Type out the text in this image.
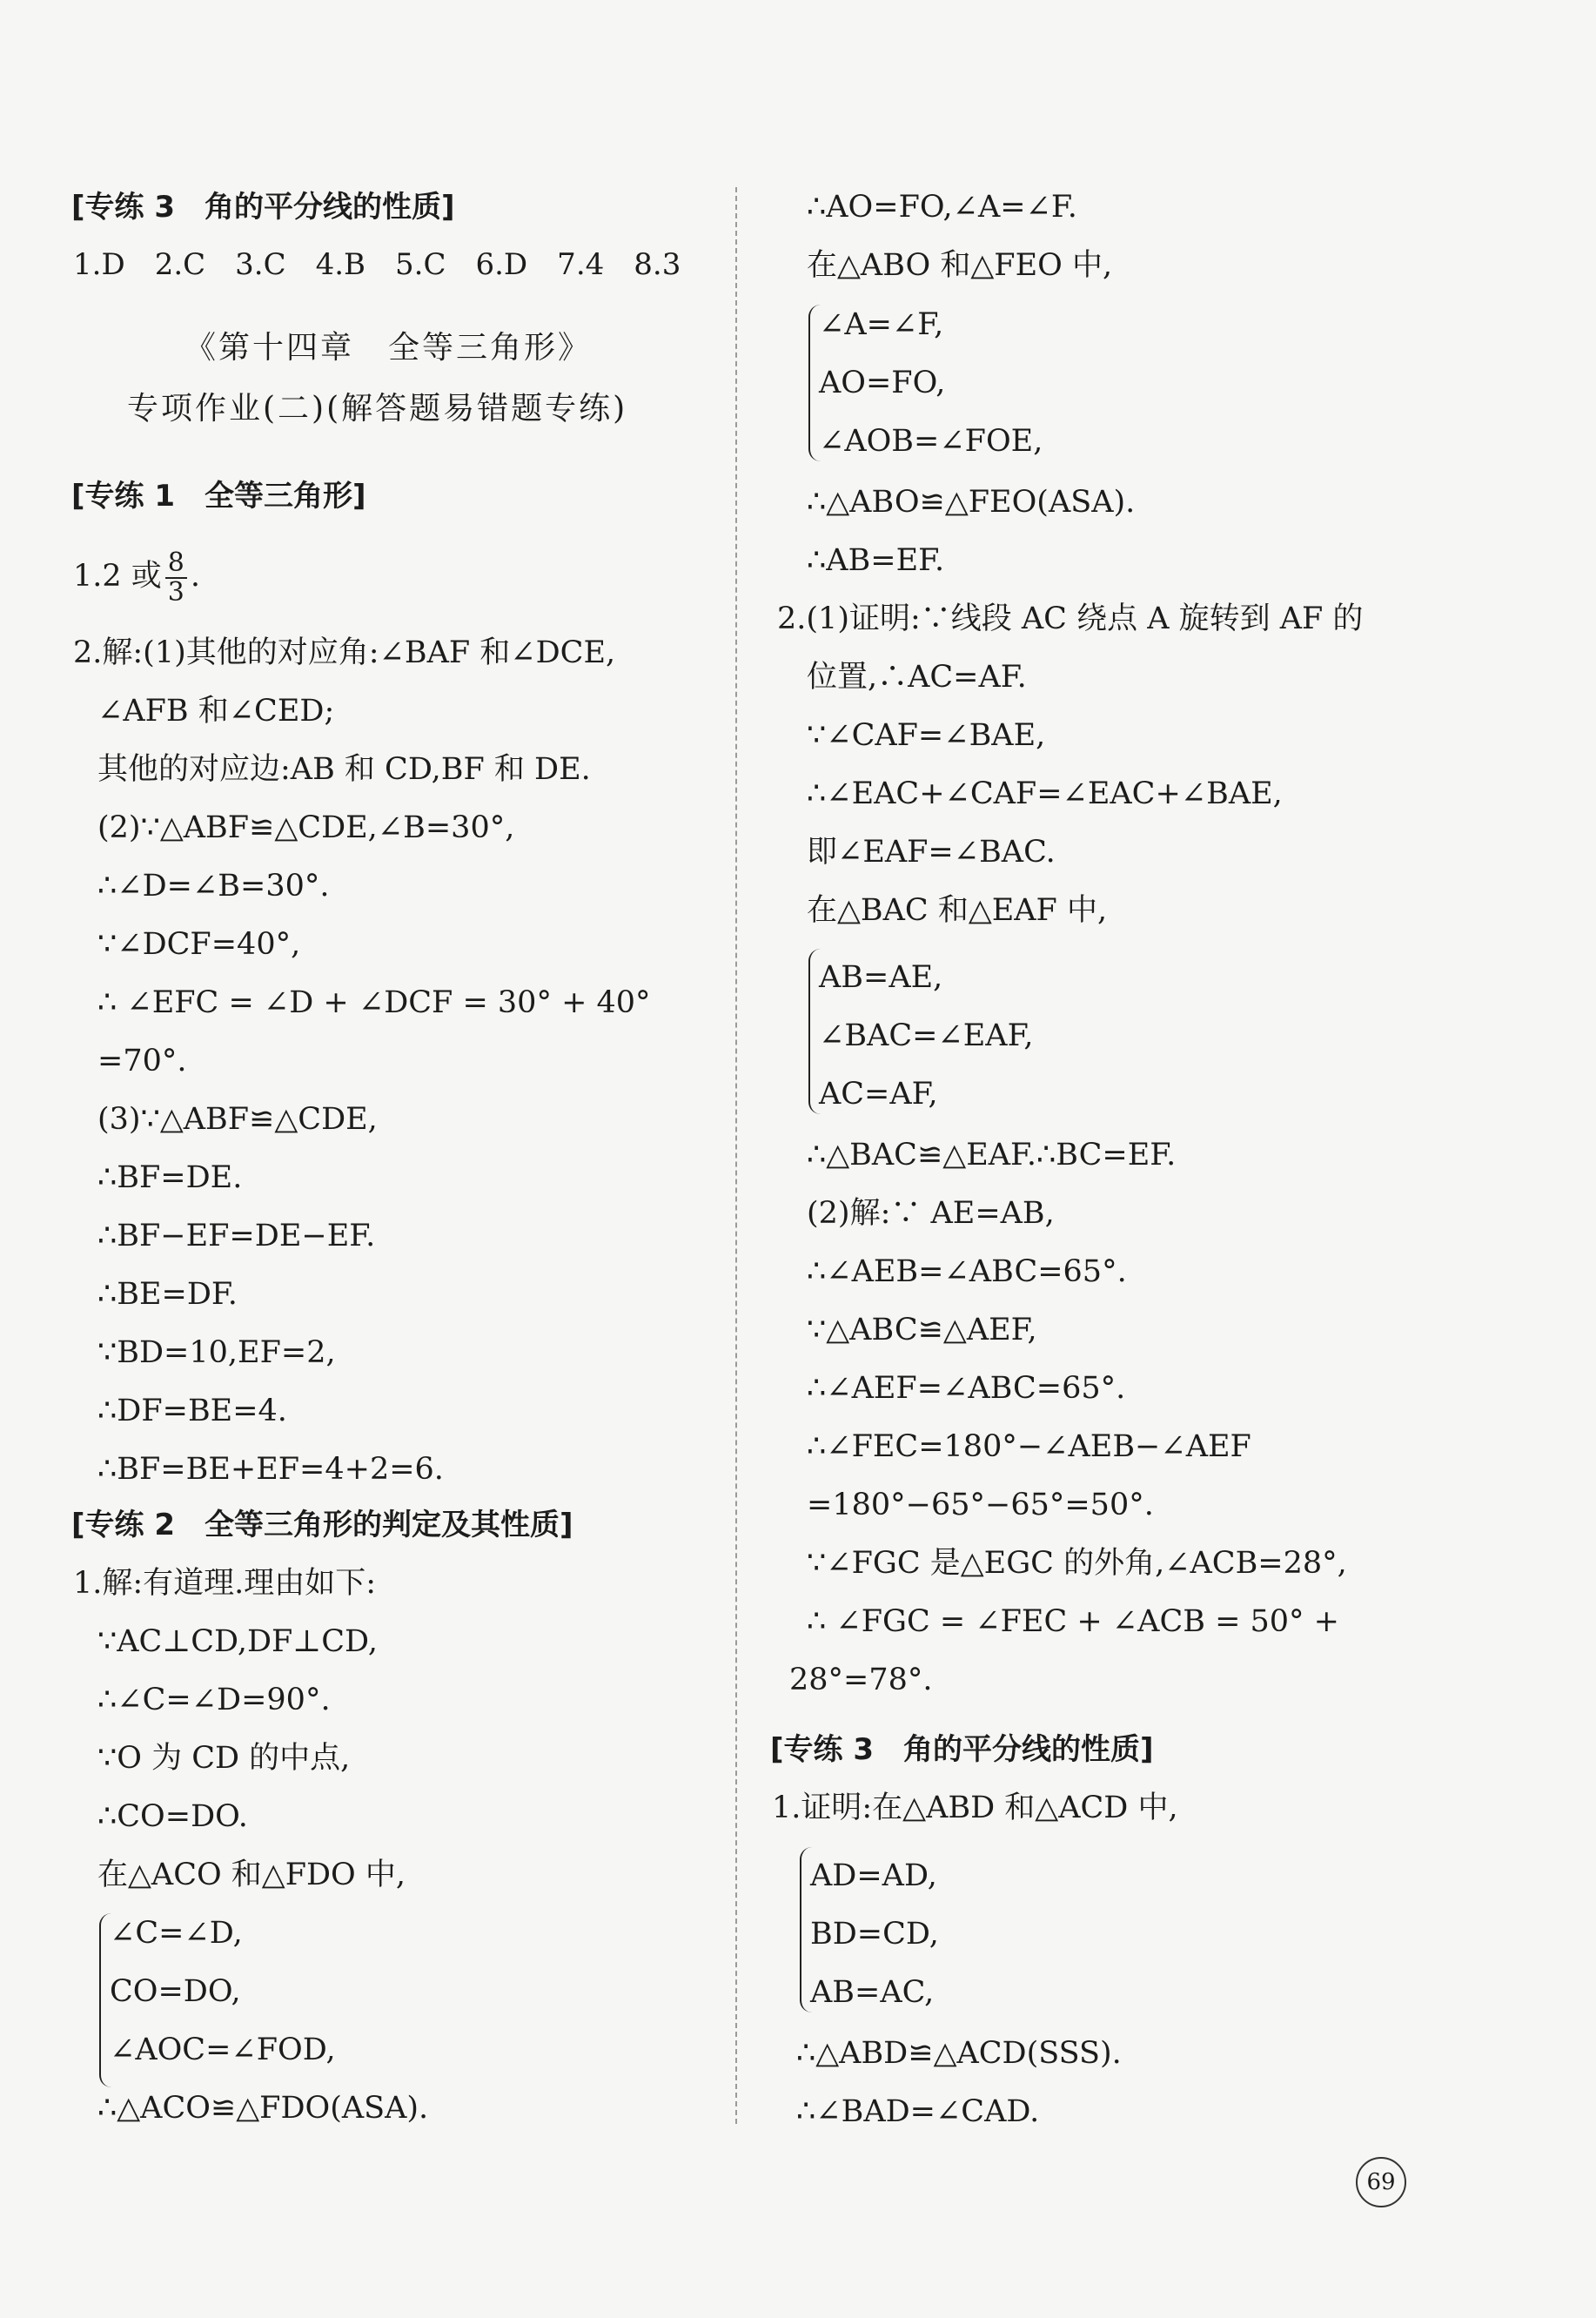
[专练 3　角的平分线的性质]
1.D　2.C　3.C　4.B　5.C　6.D　7.4　8.3
《第十四章　全等三角形》
专项作业(二)(解答题易错题专练)
[专练 1　全等三角形]
1.2 或 $\frac{8}{3}$ .
2.解:(1)其他的对应角:∠BAF 和∠DCE,
∠AFB 和∠CED;
其他的对应边:AB 和 CD,BF 和 DE.
(2)∵△ABF≌△CDE,∠B=30°,
∴∠D=∠B=30°.
∵∠DCF=40°,
∴ ∠EFC = ∠D + ∠DCF = 30° + 40°
=70°.
(3)∵△ABF≌△CDE,
∴BF=DE.
∴BF−EF=DE−EF.
∴BE=DF.
∵BD=10,EF=2,
∴DF=BE=4.
∴BF=BE+EF=4+2=6.
[专练 2　全等三角形的判定及其性质]
1.解:有道理.理由如下:
∵AC⊥CD,DF⊥CD,
∴∠C=∠D=90°.
∵O 为 CD 的中点,
∴CO=DO.
在△ACO 和△FDO 中,
∠C=∠D,
CO=DO,
∠AOC=∠FOD,
∴△ACO≌△FDO(ASA).
∴AO=FO,∠A=∠F.
在△ABO 和△FEO 中,
∠A=∠F,
AO=FO,
∠AOB=∠FOE,
∴△ABO≌△FEO(ASA).
∴AB=EF.
2.(1)证明:∵线段 AC 绕点 A 旋转到 AF 的
位置,∴AC=AF.
∵∠CAF=∠BAE,
∴∠EAC+∠CAF=∠EAC+∠BAE,
即∠EAF=∠BAC.
在△BAC 和△EAF 中,
AB=AE,
∠BAC=∠EAF,
AC=AF,
∴△BAC≌△EAF.∴BC=EF.
(2)解:∵ AE=AB,
∴∠AEB=∠ABC=65°.
∵△ABC≌△AEF,
∴∠AEF=∠ABC=65°.
∴∠FEC=180°−∠AEB−∠AEF
=180°−65°−65°=50°.
∵∠FGC 是△EGC 的外角,∠ACB=28°,
∴ ∠FGC = ∠FEC + ∠ACB = 50° +
28°=78°.
[专练 3　角的平分线的性质]
1.证明:在△ABD 和△ACD 中,
AD=AD,
BD=CD,
AB=AC,
∴△ABD≌△ACD(SSS).
∴∠BAD=∠CAD.
69
